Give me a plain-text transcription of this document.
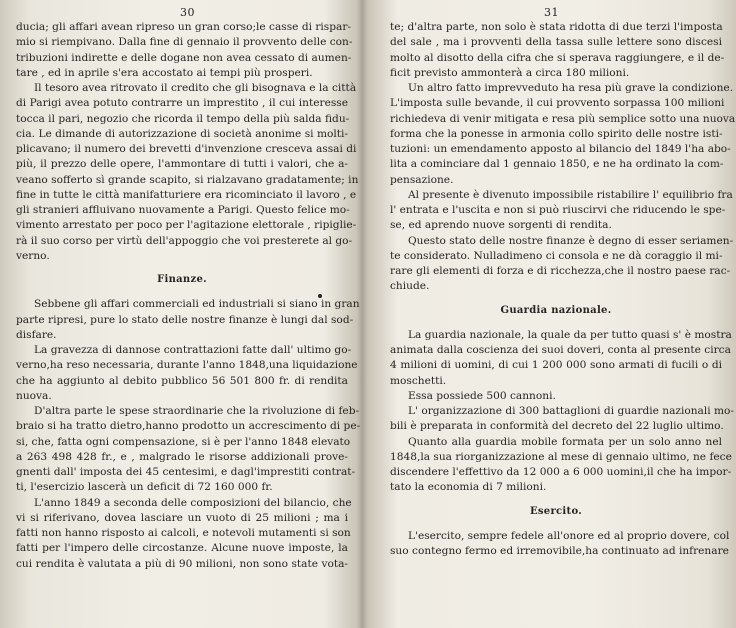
30
ducia; gli affari avean ripreso un gran corso;le casse di rispar-
mio si riempivano. Dalla fine di gennaio il provvento delle con-
tribuzioni indirette e delle dogane non avea cessato di aumen-
tare , ed in aprile s'era accostato ai tempi più prosperi.
Il tesoro avea ritrovato il credito che gli bisognava e la città
di Parigi avea potuto contrarre un imprestito , il cui interesse
tocca il pari, negozio che ricorda il tempo della più salda fidu-
cia. Le dimande di autorizzazione di società anonime si molti-
plicavano; il numero dei brevetti d'invenzione cresceva assai di
più, il prezzo delle opere, l'ammontare di tutti i valori, che a-
veano sofferto sì grande scapito, si rialzavano gradatamente; in
fine in tutte le città manifatturiere era ricominciato il lavoro , e
gli stranieri affluivano nuovamente a Parigi. Questo felice mo-
vimento arrestato per poco per l'agitazione elettorale , ripiglie-
rà il suo corso per virtù dell'appoggio che voi presterete al go-
verno.
Finanze.
Sebbene gli affari commerciali ed industriali si siano in gran
parte ripresi, pure lo stato delle nostre finanze è lungi dal sod-
disfare.
La gravezza di dannose contrattazioni fatte dall' ultimo go-
verno,ha reso necessaria, durante l'anno 1848,una liquidazione
che ha aggiunto al debito pubblico 56 501 800 fr. di rendita
nuova.
D'altra parte le spese straordinarie che la rivoluzione di feb-
braio si ha tratto dietro,hanno prodotto un accrescimento di pe-
si, che, fatta ogni compensazione, si è per l'anno 1848 elevato
a 263 498 428 fr., e , malgrado le risorse addizionali prove-
gnenti dall' imposta dei 45 centesimi, e dagl'imprestiti contrat-
ti, l'esercizio lascerà un deficit di 72 160 000 fr.
L'anno 1849 a seconda delle composizioni del bilancio, che
vi si riferivano, dovea lasciare un vuoto di 25 milioni ; ma i
fatti non hanno risposto ai calcoli, e notevoli mutamenti si son
fatti per l'impero delle circostanze. Alcune nuove imposte, la
cui rendita è valutata a più di 90 milioni, non sono state vota-
31
te; d'altra parte, non solo è stata ridotta di due terzi l'imposta
del sale , ma i provventi della tassa sulle lettere sono discesi
molto al disotto della cifra che si sperava raggiungere, e il de-
ficit previsto ammonterà a circa 180 milioni.
Un altro fatto imprevveduto ha resa più grave la condizione.
L'imposta sulle bevande, il cui provvento sorpassa 100 milioni
richiedeva di venir mitigata e resa più semplice sotto una nuova
forma che la ponesse in armonia collo spirito delle nostre isti-
tuzioni: un emendamento apposto al bilancio del 1849 l'ha abo-
lita a cominciare dal 1 gennaio 1850, e ne ha ordinato la com-
pensazione.
Al presente è divenuto impossibile ristabilire l' equilibrio fra
l' entrata e l'uscita e non si può riuscirvi che riducendo le spe-
se, ed aprendo nuove sorgenti di rendita.
Questo stato delle nostre finanze è degno di esser seriamen-
te considerato. Nulladimeno ci consola e ne dà coraggio il mi-
rare gli elementi di forza e di ricchezza,che il nostro paese rac-
chiude.
Guardia nazionale.
La guardia nazionale, la quale da per tutto quasi s' è mostra
animata dalla coscienza dei suoi doveri, conta al presente circa
4 milioni di uomini, di cui 1 200 000 sono armati di fucili o di
moschetti.
Essa possiede 500 cannoni.
L' organizzazione di 300 battaglioni di guardie nazionali mo-
bili è preparata in conformità del decreto del 22 luglio ultimo.
Quanto alla guardia mobile formata per un solo anno nel
1848,la sua riorganizzazione al mese di gennaio ultimo, ne fece
discendere l'effettivo da 12 000 a 6 000 uomini,il che ha impor-
tato la economia di 7 milioni.
Esercito.
L'esercito, sempre fedele all'onore ed al proprio dovere, col
suo contegno fermo ed irremovibile,ha continuato ad infrenare
